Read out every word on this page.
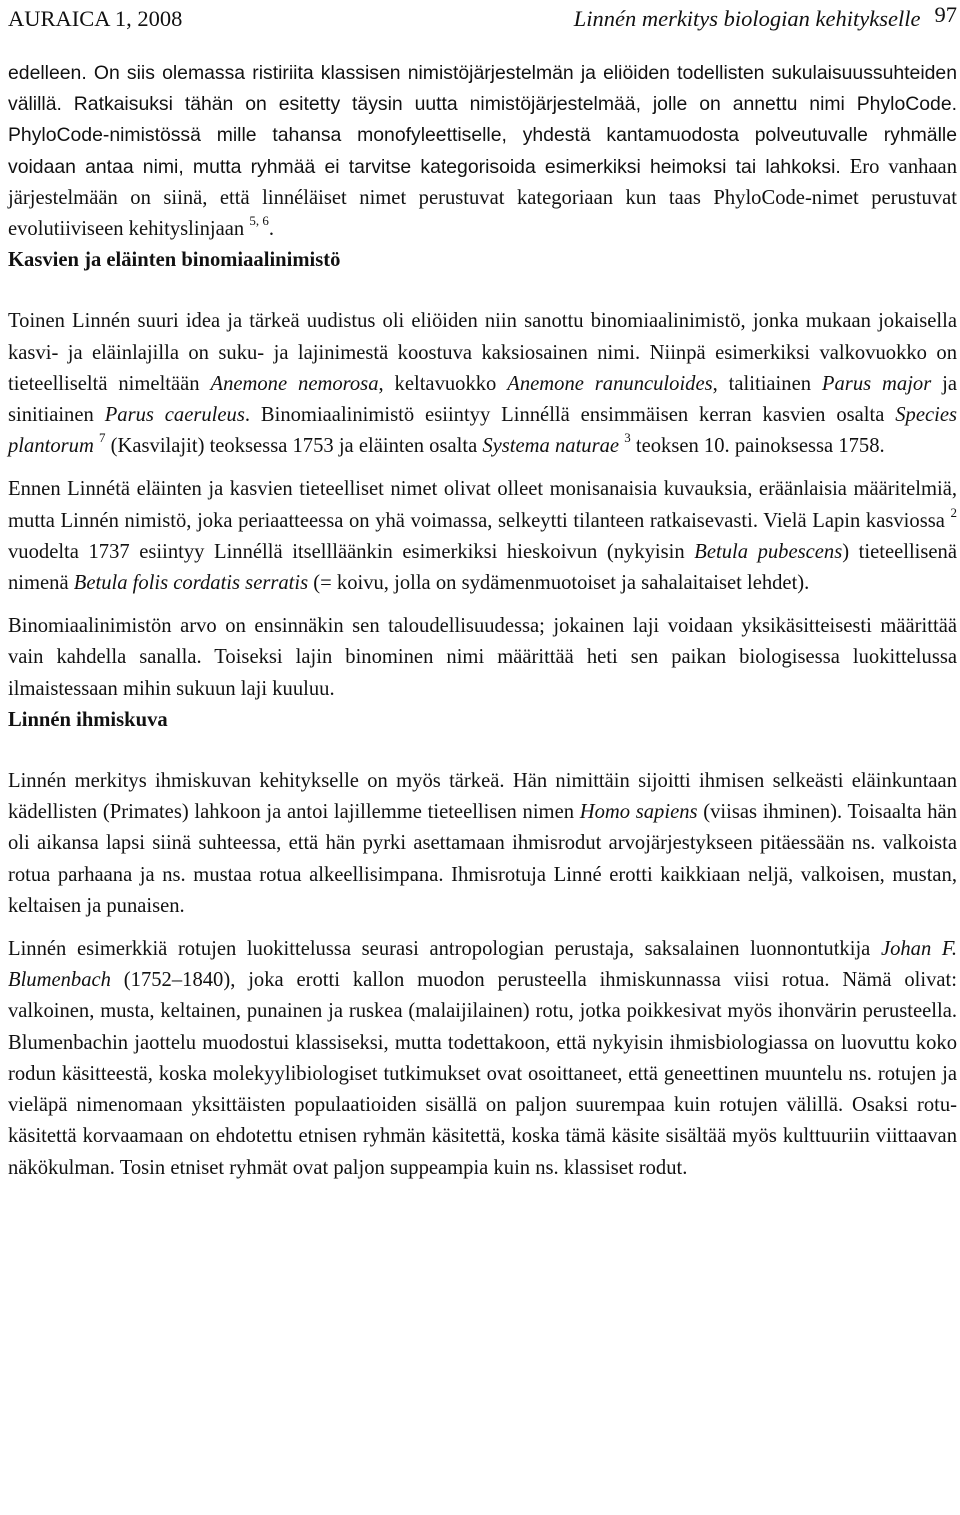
AURAICA 1, 2008	Linnén merkitys biologian kehitykselle 97

edelleen. On siis olemassa ristiriita klassisen nimistöjärjestelmän ja eliöiden todellisten sukulaisuussuhteiden välillä. Ratkaisuksi tähän on esitetty täysin uutta nimistöjärjestelmää, jolle on annettu nimi PhyloCode. PhyloCode-nimistössä mille tahansa monofyleettiselle, yhdestä kantamuodosta polveutuvalle ryhmälle voidaan antaa nimi, mutta ryhmää ei tarvitse kategorisoida esimerkiksi heimoksi tai lahkoksi. Ero vanhaan järjestelmään on siinä, että linnéläiset nimet perustuvat kategoriaan kun taas PhyloCode-nimet perustuvat evolutiiviseen kehityslinjaan $^{5, 6}$.

Kasvien ja eläinten binomiaalinimistö

Toinen Linnén suuri idea ja tärkeä uudistus oli eliöiden niin sanottu binomiaalinimistö, jonka mukaan jokaisella kasvi- ja eläinlajilla on suku- ja lajinimestä koostuva kaksiosainen nimi. Niinpä esimerkiksi valkovuokko on tieteelliseltä nimeltään Anemone nemorosa, keltavuokko Anemone ranunculoides, talitiainen Parus major ja sinitiainen Parus caeruleus. Binomiaalinimistö esiintyy Linnéllä ensimmäisen kerran kasvien osalta Species plantorum $^7$ (Kasvilajit) teoksessa 1753 ja eläinten osalta Systema naturae $^3$ teoksen 10. painoksessa 1758.

Ennen Linnétä eläinten ja kasvien tieteelliset nimet olivat olleet monisanaisia kuvauksia, eräänlaisia määritelmiä, mutta Linnén nimistö, joka periaatteessa on yhä voimassa, selkeytti tilanteen ratkaisevasti. Vielä Lapin kasviossa $^2$ vuodelta 1737 esiintyy Linnéllä itsellläänkin esimerkiksi hieskoivun (nykyisin Betula pubescens) tieteellisenä nimenä Betula folis cordatis serratis (= koivu, jolla on sydämenmuotoiset ja sahalaitaiset lehdet).

Binomiaalinimistön arvo on ensinnäkin sen taloudellisuudessa; jokainen laji voidaan yksikäsitteisesti määrittää vain kahdella sanalla. Toiseksi lajin binominen nimi määrittää heti sen paikan biologisessa luokittelussa ilmaistessaan mihin sukuun laji kuuluu.

Linnén ihmiskuva

Linnén merkitys ihmiskuvan kehitykselle on myös tärkeä. Hän nimittäin sijoitti ihmisen selkeästi eläinkuntaan kädellisten (Primates) lahkoon ja antoi lajillemme tieteellisen nimen Homo sapiens (viisas ihminen). Toisaalta hän oli aikansa lapsi siinä suhteessa, että hän pyrki asettamaan ihmisrodut arvojärjestykseen pitäessään ns. valkoista rotua parhaana ja ns. mustaa rotua alkeellisimpana. Ihmisrotuja Linné erotti kaikkiaan neljä, valkoisen, mustan, keltaisen ja punaisen.

Linnén esimerkkiä rotujen luokittelussa seurasi antropologian perustaja, saksalainen luonnontutkija Johan F. Blumenbach (1752–1840), joka erotti kallon muodon perusteella ihmiskunnassa viisi rotua. Nämä olivat: valkoinen, musta, keltainen, punainen ja ruskea (malaijilainen) rotu, jotka poikkesivat myös ihonvärin perusteella. Blumenbachin jaottelu muodostui klassiseksi, mutta todettakoon, että nykyisin ihmisbiologiassa on luovuttu koko rodun käsitteestä, koska molekyylibiologiset tutkimukset ovat osoittaneet, että geneettinen muuntelu ns. rotujen ja vieläpä nimenomaan yksittäisten populaatioiden sisällä on paljon suurempaa kuin rotujen välillä. Osaksi rotu-käsitettä korvaamaan on ehdotettu etnisen ryhmän käsitettä, koska tämä käsite sisältää myös kulttuuriin viittaavan näkökulman. Tosin etniset ryhmät ovat paljon suppeampia kuin ns. klassiset rodut.
